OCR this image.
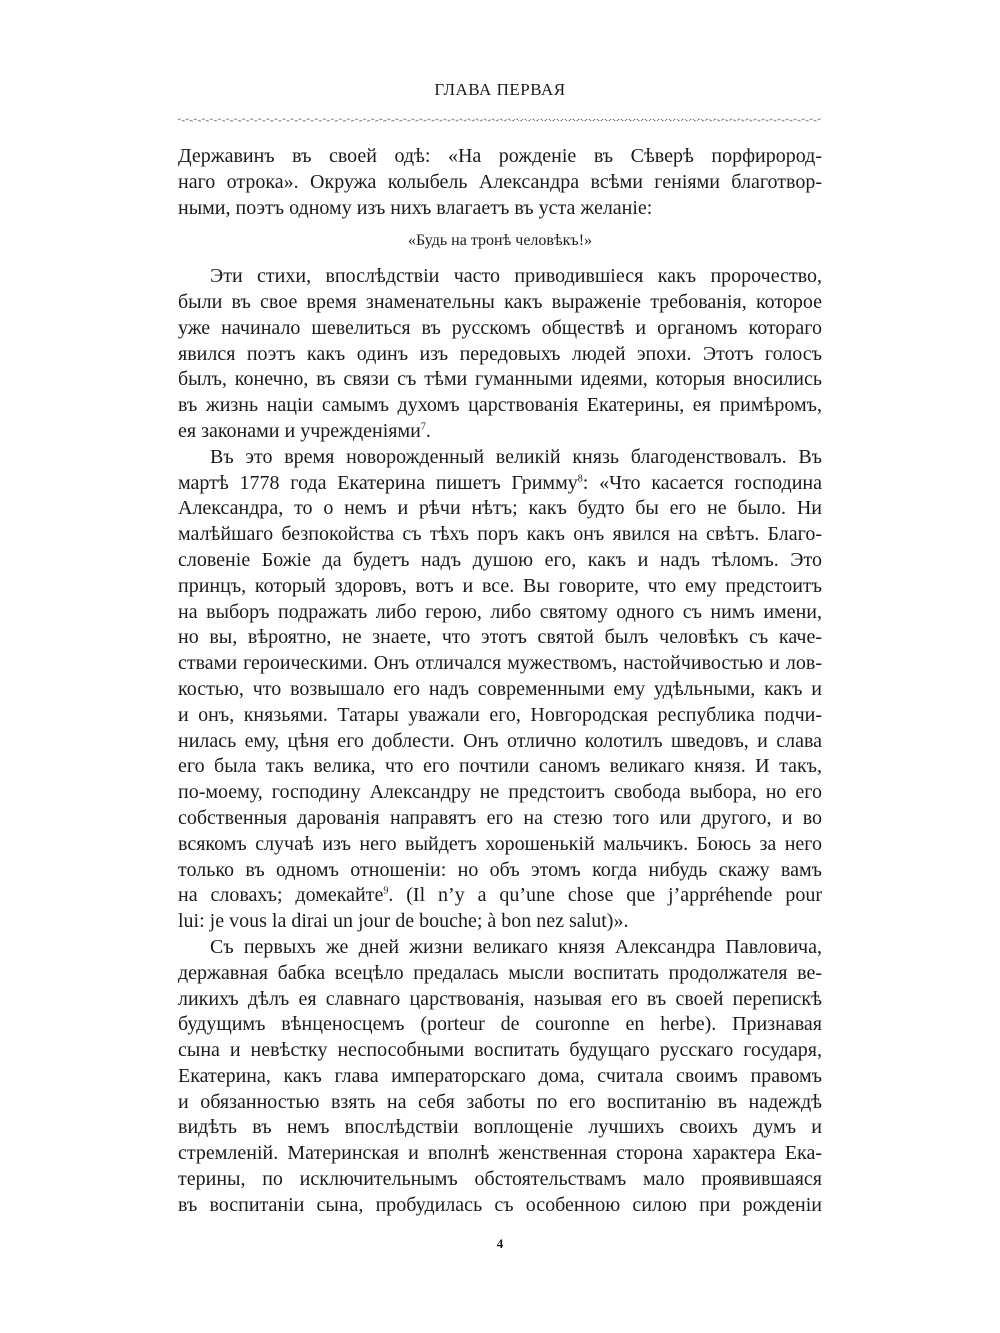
ГЛАВА ПЕРВАЯ
Державинъ въ своей одѣ: «На рожденіе въ Сѣверѣ порфирород-
наго отрока». Окружа колыбель Александра всѣми геніями благотвор-
ными, поэтъ одному изъ нихъ влагаетъ въ уста желаніе:
«Будь на тронѣ человѣкъ!»
Эти стихи, впослѣдствіи часто приводившіеся какъ пророчество,
были въ свое время знаменательны какъ выраженіе требованія, которое
уже начинало шевелиться въ русскомъ обществѣ и органомъ котораго
явился поэтъ какъ одинъ изъ передовыхъ людей эпохи. Этотъ голосъ
былъ, конечно, въ связи съ тѣми гуманными идеями, которыя вносились
въ жизнь націи самымъ духомъ царствованія Екатерины, ея примѣромъ,
ея законами и учрежденіями$^7$.
Въ это время новорожденный великій князь благоденствовалъ. Въ
мартѣ 1778 года Екатерина пишетъ Гримму$^8$: «Что касается господина
Александра, то о немъ и рѣчи нѣтъ; какъ будто бы его не было. Ни
малѣйшаго безпокойства съ тѣхъ поръ какъ онъ явился на свѣтъ. Благо-
словеніе Божіе да будетъ надъ душою его, какъ и надъ тѣломъ. Это
принцъ, который здоровъ, вотъ и все. Вы говорите, что ему предстоитъ
на выборъ подражать либо герою, либо святому одного съ нимъ имени,
но вы, вѣроятно, не знаете, что этотъ святой былъ человѣкъ съ каче-
ствами героическими. Онъ отличался мужествомъ, настойчивостью и лов-
костью, что возвышало его надъ современными ему удѣльными, какъ и
и онъ, князьями. Татары уважали его, Новгородская республика подчи-
нилась ему, цѣня его доблести. Онъ отлично колотилъ шведовъ, и слава
его была такъ велика, что его почтили саномъ великаго князя. И такъ,
по-моему, господину Александру не предстоитъ свобода выбора, но его
собственныя дарованія направятъ его на стезю того или другого, и во
всякомъ случаѣ изъ него выйдетъ хорошенькій мальчикъ. Боюсь за него
только въ одномъ отношеніи: но объ этомъ когда нибудь скажу вамъ
на словахъ; домекайте$^9$. (Il n’y a qu’une chose que j’appréhende pour
lui: je vous la dirai un jour de bouche; à bon nez salut)».
Съ первыхъ же дней жизни великаго князя Александра Павловича,
державная бабка всецѣло предалась мысли воспитать продолжателя ве-
ликихъ дѣлъ ея славнаго царствованія, называя его въ своей перепискѣ
будущимъ вѣнценосцемъ (porteur de couronne en herbe). Признавая
сына и невѣстку неспособными воспитать будущаго русскаго государя,
Екатерина, какъ глава императорскаго дома, считала своимъ правомъ
и обязанностью взять на себя заботы по его воспитанію въ надеждѣ
видѣть въ немъ впослѣдствіи воплощеніе лучшихъ своихъ думъ и
стремленій. Материнская и вполнѣ женственная сторона характера Ека-
терины, по исключительнымъ обстоятельствамъ мало проявившаяся
въ воспитаніи сына, пробудилась съ особенною силою при рожденіи
4
